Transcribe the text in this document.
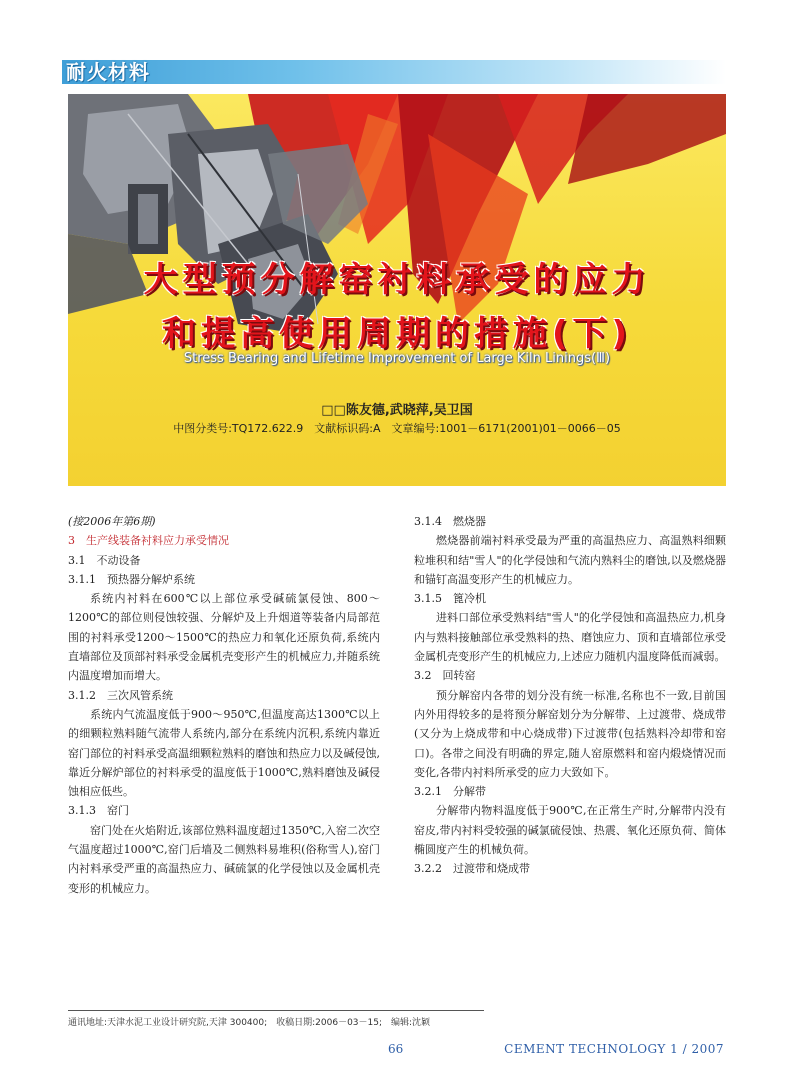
耐火材料
大型预分解窑衬料承受的应力
和提高使用周期的措施(下)
Stress Bearing and Lifetime Improvement of Large Kiln Linings(Ⅲ)
□□陈友德,武晓萍,吴卫国
中图分类号:TQ172.622.9　文献标识码:A　文章编号:1001－6171(2001)01－0066－05

(接2006年第6期)

3　生产线装备衬料应力承受情况

3.1　不动设备

3.1.1　预热器分解炉系统

系统内衬料在600℃以上部位承受碱硫氯侵蚀、800～1200℃的部位则侵蚀较强、分解炉及上升烟道等装备内局部范围的衬料承受1200～1500℃的热应力和氧化还原负荷,系统内直墙部位及顶部衬料承受金属机壳变形产生的机械应力,并随系统内温度增加而增大。

3.1.2　三次风管系统

系统内气流温度低于900～950℃,但温度高达1300℃以上的细颗粒熟料随气流带人系统内,部分在系统内沉积,系统内靠近窑门部位的衬料承受高温细颗粒熟料的磨蚀和热应力以及碱侵蚀,靠近分解炉部位的衬料承受的温度低于1000℃,熟料磨蚀及碱侵蚀相应低些。

3.1.3　窑门

窑门处在火焰附近,该部位熟料温度超过1350℃,入窑二次空气温度超过1000℃,窑门后墙及二侧熟料易堆积(俗称雪人),窑门内衬料承受严重的高温热应力、碱硫氯的化学侵蚀以及金属机壳变形的机械应力。

3.1.4　燃烧器

燃烧器前端衬料承受最为严重的高温热应力、高温熟料细颗粒堆积和结"雪人"的化学侵蚀和气流内熟料尘的磨蚀,以及燃烧器和锚钉高温变形产生的机械应力。

3.1.5　篦冷机

进料口部位承受熟料结"雪人"的化学侵蚀和高温热应力,机身内与熟料接触部位承受熟料的热、磨蚀应力、顶和直墙部位承受金属机壳变形产生的机械应力,上述应力随机内温度降低而减弱。

3.2　回转窑

预分解窑内各带的划分没有统一标准,名称也不一致,目前国内外用得较多的是将预分解窑划分为分解带、上过渡带、烧成带(又分为上烧成带和中心烧成带)下过渡带(包括熟料冷却带和窑口)。各带之间没有明确的界定,随人窑原燃料和窑内煅烧情况而变化,各带内衬料所承受的应力大致如下。

3.2.1　分解带

分解带内物料温度低于900℃,在正常生产时,分解带内没有窑皮,带内衬料受较强的碱氯硫侵蚀、热震、氧化还原负荷、简体椭圆度产生的机械负荷。

3.2.2　过渡带和烧成带

通讯地址:天津水泥工业设计研究院,天津 300400;　收稿日期:2006－03－15;　编辑:沈颖
66	CEMENT TECHNOLOGY 1 / 2007
